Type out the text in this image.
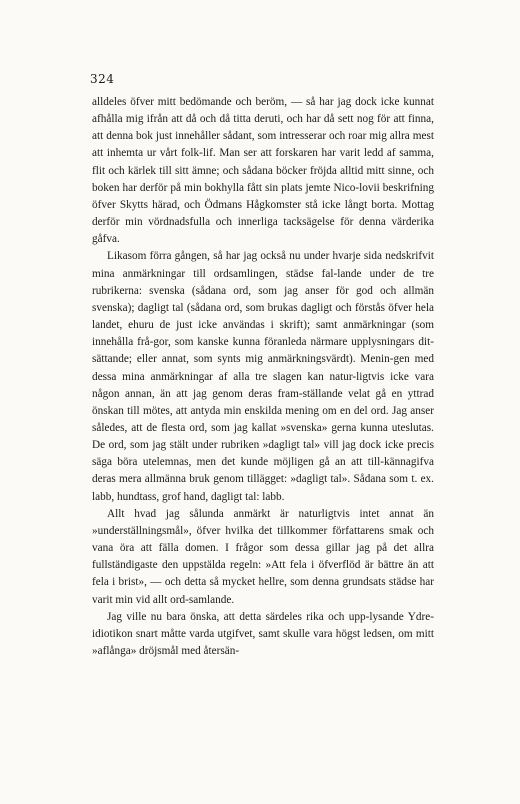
324

alldeles öfver mitt bedömande och beröm, — så har jag dock icke kunnat afhålla mig ifrån att då och då titta deruti, och har då sett nog för att finna, att denna bok just innehåller sådant, som intresserar och roar mig allra mest att inhemta ur vårt folk-lif. Man ser att forskaren har varit ledd af samma, flit och kärlek till sitt ämne; och sådana böcker fröjda alltid mitt sinne, och boken har derför på min bokhylla fått sin plats jemte Nico-lovii beskrifning öfver Skytts härad, och Ödmans Hågkomster stå icke långt borta. Mottag derför min vördnadsfulla och innerliga tacksägelse för denna värderika gåfva.

Likasom förra gången, så har jag också nu under hvarje sida nedskrifvit mina anmärkningar till ordsamlingen, städse fal-lande under de tre rubrikerna: svenska (sådana ord, som jag anser för god och allmän svenska); dagligt tal (sådana ord, som brukas dagligt och förstås öfver hela landet, ehuru de just icke användas i skrift); samt anmärkningar (som innehålla frå-gor, som kanske kunna föranleda närmare upplysningars dit-sättande; eller annat, som synts mig anmärkningsvärdt). Menin-gen med dessa mina anmärkningar af alla tre slagen kan natur-ligtvis icke vara någon annan, än att jag genom deras fram-ställande velat gå en yttrad önskan till mötes, att antyda min enskilda mening om en del ord. Jag anser således, att de flesta ord, som jag kallat »svenska» gerna kunna uteslutas. De ord, som jag stält under rubriken »dagligt tal» vill jag dock icke precis säga böra utelemnas, men det kunde möjligen gå an att till-kännagifva deras mera allmänna bruk genom tillägget: »dagligt tal». Sådana som t. ex. labb, hundtass, grof hand, dagligt tal: labb.

Allt hvad jag sålunda anmärkt är naturligtvis intet annat än »underställningsmål», öfver hvilka det tillkommer författarens smak och vana öra att fälla domen. I frågor som dessa gillar jag på det allra fullständigaste den uppstälda regeln: »Att fela i öfverflöd är bättre än att fela i brist», — och detta så mycket hellre, som denna grundsats städse har varit min vid allt ord-samlande.

Jag ville nu bara önska, att detta särdeles rika och upp-lysande Ydre-idiotikon snart måtte varda utgifvet, samt skulle vara högst ledsen, om mitt »aflånga» dröjsmål med återsän-
